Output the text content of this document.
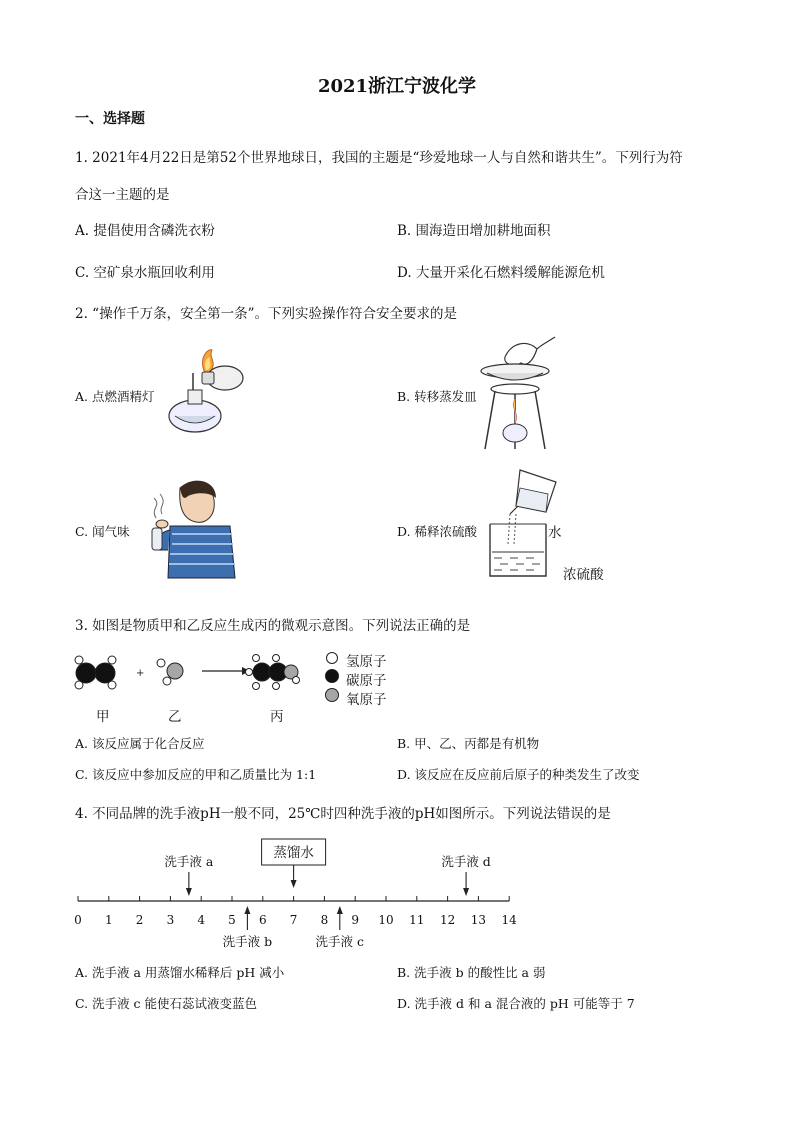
2021浙江宁波化学
一、选择题
1. 2021年4月22日是第52个世界地球日，我国的主题是“珍爱地球一人与自然和谐共生”。下列行为符
合这一主题的是
A. 提倡使用含磷洗衣粉	B. 围海造田增加耕地面积
C. 空矿泉水瓶回收利用	D. 大量开采化石燃料缓解能源危机
2. “操作千万条，安全第一条”。下列实验操作符合安全要求的是
A. 点燃酒精灯	B. 转移蒸发皿
C. 闻气味	D. 稀释浓硫酸	水
浓硫酸
3. 如图是物质甲和乙反应生成丙的微观示意图。下列说法正确的是
+
氢原子
碳原子
氧原子
甲	乙	丙
A. 该反应属于化合反应	B. 甲、乙、丙都是有机物
C. 该反应中参加反应的甲和乙质量比为 1:1	D. 该反应在反应前后原子的种类发生了改变
4. 不同品牌的洗手液pH一般不同，25℃时四种洗手液的pH如图所示。下列说法错误的是
0 1 2 3 4 5 6 7 8 9 10 11 12 13 14
洗手液 a
洗手液 b	洗手液 c
洗手液 d
蒸馏水
A. 洗手液 a 用蒸馏水稀释后 pH 减小	B. 洗手液 b 的酸性比 a 弱
C. 洗手液 c 能使石蕊试液变蓝色	D. 洗手液 d 和 a 混合液的 pH 可能等于 7
